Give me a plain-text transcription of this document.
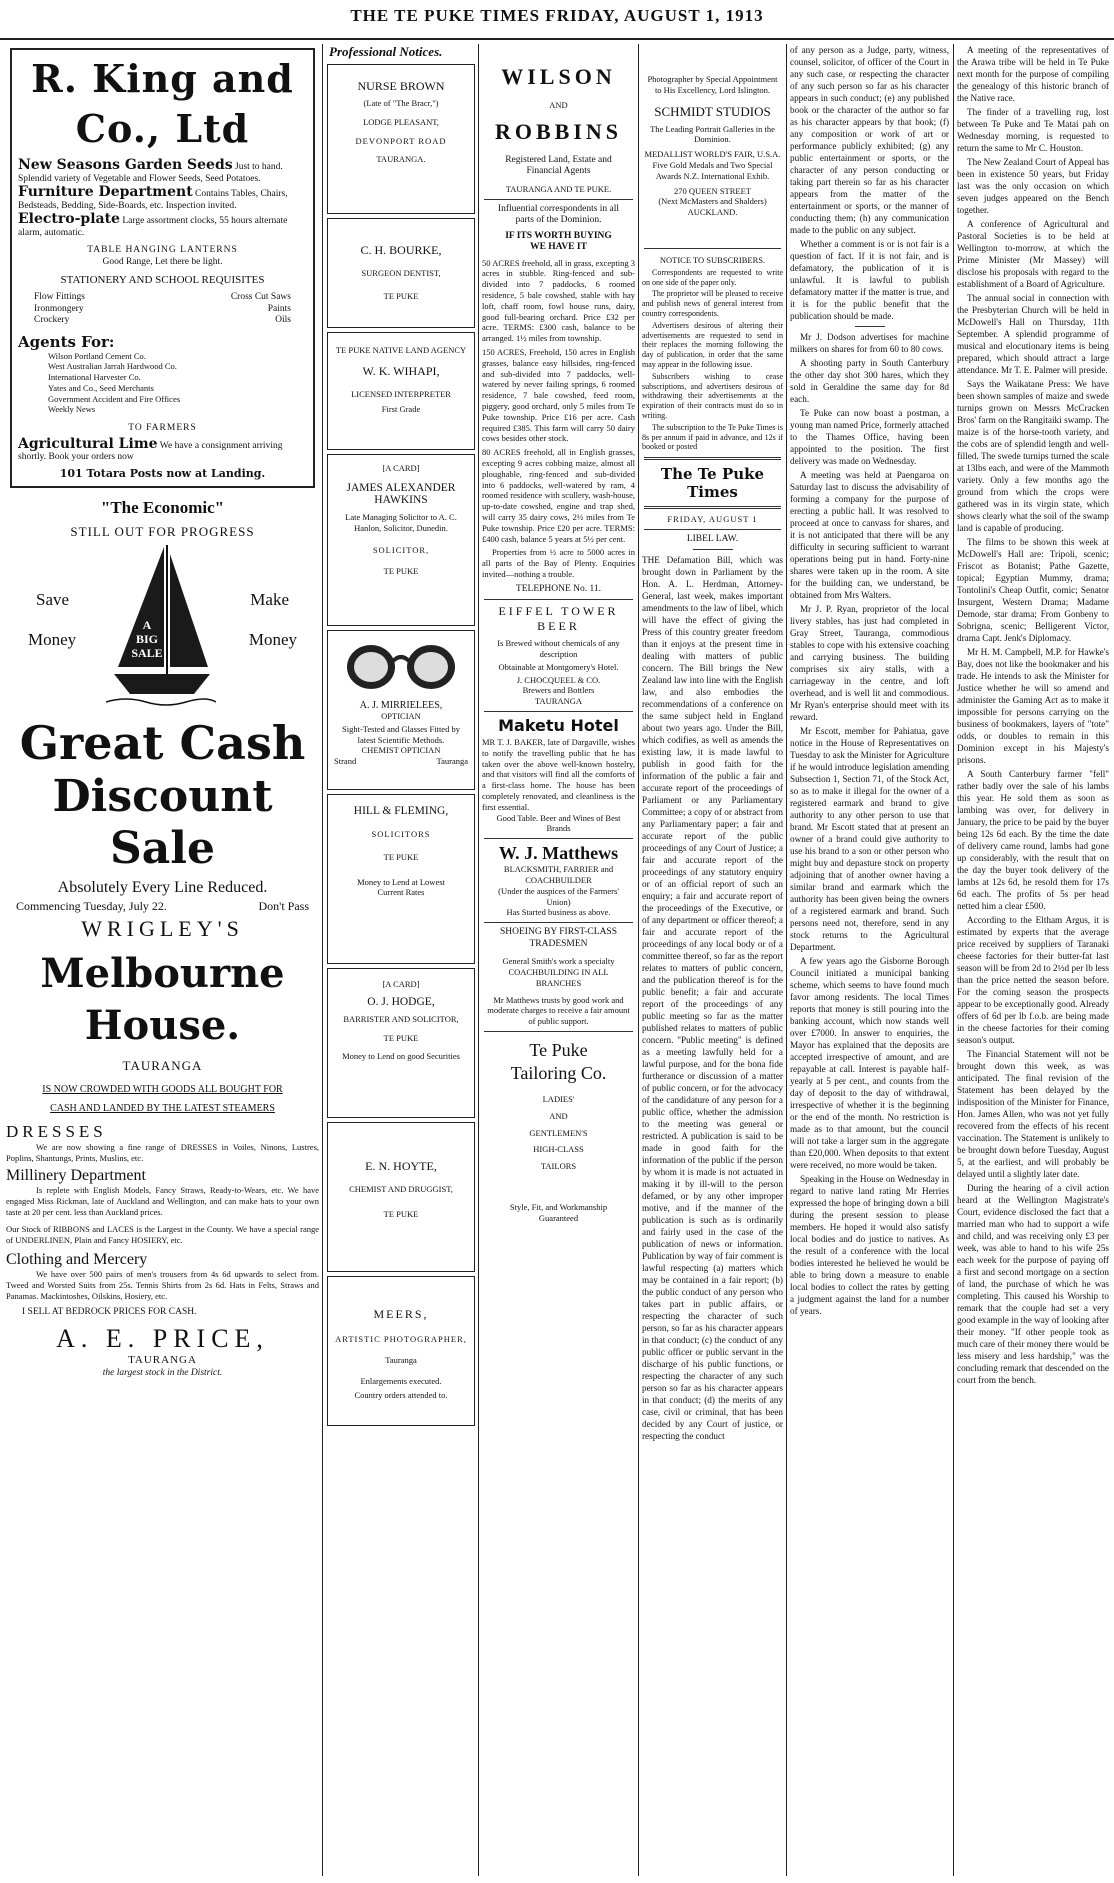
THE TE PUKE TIMES FRIDAY, AUGUST 1, 1913
R. King and Co., Ltd
New Seasons Garden Seeds Just to hand. Splendid variety of Vegetable and Flower Seeds, Seed Potatoes.
Furniture Department Contains Tables, Chairs, Bedsteads, Bedding, Side-Boards, etc. Inspection invited.
Electro-plate Large assortment clocks, 55 hours alternate alarm, automatic.
TABLE HANGING LANTERNS
Good Range, Let there be light.
STATIONERY AND SCHOOL REQUISITES
Flow Fittings	Cross Cut Saws
Ironmongery	Paints
Crockery	Oils
Agents For:
Wilson Portland Cement Co.
West Australian Jarrah Hardwood Co.
International Harvester Co.
Yates and Co., Seed Merchants
Government Accident and Fire Offices
Weekly News
TO FARMERS
Agricultural Lime We have a consignment arriving shortly. Book your orders now
101 Totara Posts now at Landing.
"The Economic"
STILL OUT FOR PROGRESS
Save	Make
Money	Money
A
BIG
SALE
Great Cash
Discount Sale
Absolutely Every Line Reduced.
Commencing Tuesday, July 22.	Don't Pass
WRIGLEY'S
Melbourne House.
TAURANGA
IS NOW CROWDED WITH GOODS ALL BOUGHT FOR
CASH AND LANDED BY THE LATEST STEAMERS
DRESSES
We are now showing a fine range of DRESSES in Voiles, Ninons, Lustres, Poplins, Shantungs, Prints, Muslins, etc.
Millinery Department
Is replete with English Models, Fancy Straws, Ready-to-Wears, etc. We have engaged Miss Rickman, late of Auckland and Wellington, and can make hats to your own taste at 20 per cent. less than Auckland prices.
Our Stock of RIBBONS and LACES is the Largest in the County. We have a special range of UNDERLINEN, Plain and Fancy HOSIERY, etc.
Clothing and Mercery
We have over 500 pairs of men's trousers from 4s 6d upwards to select from. Tweed and Worsted Suits from 25s. Tennis Shirts from 2s 6d. Hats in Felts, Straws and Panamas. Mackintoshes, Oilskins, Hosiery, etc.
I SELL AT BEDROCK PRICES FOR CASH.
A. E. PRICE,
TAURANGA
the largest stock in the District.
Professional Notices.
NURSE BROWN
(Late of "The Bracr,")
LODGE PLEASANT,
DEVONPORT ROAD
TAURANGA.
C. H. BOURKE,
SURGEON DENTIST,
TE PUKE
TE PUKE NATIVE LAND AGENCY
W. K. WIHAPI,
LICENSED INTERPRETER
First Grade
[A CARD]
JAMES ALEXANDER HAWKINS
Late Managing Solicitor to A. C. Hanlon, Solicitor, Dunedin.
SOLICITOR,
TE PUKE
A. J. MIRRIELEES,
OPTICIAN
Sight-Tested and Glasses Fitted by latest Scientific Methods.
CHEMIST OPTICIAN
Strand	Tauranga
HILL & FLEMING,
SOLICITORS
TE PUKE
Money to Lend at Lowest Current Rates
[A CARD]
O. J. HODGE,
BARRISTER AND SOLICITOR,
TE PUKE
Money to Lend on good Securities
E. N. HOYTE,
CHEMIST AND DRUGGIST,
TE PUKE
MEERS,
ARTISTIC PHOTOGRAPHER,
Tauranga
Enlargements executed.
Country orders attended to.
WILSON
AND
ROBBINS
Registered Land, Estate and Financial Agents
TAURANGA AND TE PUKE.
Influential correspondents in all parts of the Dominion.
IF ITS WORTH BUYING WE HAVE IT
50 ACRES freehold, all in grass, excepting 3 acres in stubble. Ring-fenced and sub-divided into 7 paddocks, 6 roomed residence, 5 bale cowshed, stable with hay loft, chaff room, fowl house runs, dairy, good full-bearing orchard. Price £32 per acre. TERMS: £300 cash, balance to be arranged. 1½ miles from township.
150 ACRES, Freehold, 150 acres in English grasses, balance easy hillsides, ring-fenced and sub-divided into 7 paddocks, well-watered by never failing springs, 6 roomed residence, 7 bale cowshed, feed room, piggery, good orchard, only 5 miles from Te Puke township. Price £16 per acre. Cash required £385. This farm will carry 50 dairy cows besides other stock.
80 ACRES freehold, all in English grasses, excepting 9 acres cobbing maize, almost all ploughable, ring-fenced and sub-divided into 6 paddocks, well-watered by ram, 4 roomed residence with scullery, wash-house, up-to-date cowshed, engine and trap shed, will carry 35 dairy cows, 2½ miles from Te Puke township. Price £20 per acre. TERMS: £400 cash, balance 5 years at 5½ per cent.
Properties from ½ acre to 5000 acres in all parts of the Bay of Plenty. Enquiries invited—nothing a trouble.
TELEPHONE No. 11.
EIFFEL TOWER BEER
Is Brewed without chemicals of any description
Obtainable at Montgomery's Hotel.
J. CHOCQUEEL & CO.
Brewers and Bottlers
TAURANGA
Maketu Hotel
MR T. J. BAKER, late of Dargaville, wishes to notify the travelling public that he has taken over the above well-known hostelry, and that visitors will find all the comforts of a first-class home. The house has been completely renovated, and cleanliness is the first essential.
Good Table. Beer and Wines of Best Brands
W. J. Matthews
BLACKSMITH, FARRIER and COACHBUILDER
(Under the auspices of the Farmers' Union)
Has Started business as above.
SHOEING BY FIRST-CLASS TRADESMEN
General Smith's work a specialty COACHBUILDING IN ALL BRANCHES
Mr Matthews trusts by good work and moderate charges to receive a fair amount of public support.
Te Puke
Tailoring Co.
LADIES'
AND
GENTLEMEN'S
HIGH-CLASS
TAILORS
Style, Fit, and Workmanship Guaranteed
Photographer by Special Appointment to His Excellency, Lord Islington.
SCHMIDT STUDIOS
The Leading Portrait Galleries in the Dominion.
MEDALLIST WORLD'S FAIR, U.S.A. Five Gold Medals and Two Special Awards N.Z. International Exhib.
270 QUEEN STREET
(Next McMasters and Shalders)
AUCKLAND.
NOTICE TO SUBSCRIBERS.
Correspondents are requested to write on one side of the paper only.
The proprietor will be pleased to receive and publish news of general interest from country correspondents.
Advertisers desirous of altering their advertisements are requested to send in their replaces the morning following the day of publication, in order that the same may appear in the following issue.
Subscribers wishing to cease subscriptions, and advertisers desirous of withdrawing their advertisements at the expiration of their contracts must do so in writing.
The subscription to the Te Puke Times is 8s per annum if paid in advance, and 12s if booked or posted
The Te Puke Times
FRIDAY, AUGUST 1
LIBEL LAW.
THE Defamation Bill, which was brought down in Parliament by the Hon. A. L. Herdman, Attorney-General, last week, makes important amendments to the law of libel, which will have the effect of giving the Press of this country greater freedom than it enjoys at the present time in dealing with matters of public concern. The Bill brings the New Zealand law into line with the English law, and also embodies the recommendations of a conference on the same subject held in England about two years ago. Under the Bill, which codifies, as well as amends the existing law, it is made lawful to publish in good faith for the information of the public a fair and accurate report of the proceedings of Parliament or any Parliamentary Committee; a copy of or abstract from any Parliamentary paper; a fair and accurate report of the public proceedings of any Court of Justice; a fair and accurate report of the proceedings of any statutory enquiry or of an official report of such an enquiry; a fair and accurate report of the proceedings of the Executive, or of any department or officer thereof; a fair and accurate report of the proceedings of any local body or of a committee thereof, so far as the report relates to matters of public concern, and the publication thereof is for the public benefit; a fair and accurate report of the proceedings of any public meeting so far as the matter published relates to matters of public concern. "Public meeting" is defined as a meeting lawfully held for a lawful purpose, and for the bona fide furtherance or discussion of a matter of public concern, or for the advocacy of the candidature of any person for a public office, whether the admission to the meeting was general or restricted. A publication is said to be made in good faith for the information of the public if the person by whom it is made is not actuated in making it by ill-will to the person defamed, or by any other improper motive, and if the manner of the publication is such as is ordinarily and fairly used in the case of the publication of news or information. Publication by way of fair comment is lawful respecting (a) matters which may be contained in a fair report; (b) the public conduct of any person who takes part in public affairs, or respecting the character of such person, so far as his character appears in that conduct; (c) the conduct of any public officer or public servant in the discharge of his public functions, or respecting the character of any such person so far as his character appears in that conduct; (d) the merits of any case, civil or criminal, that has been decided by any Court of justice, or respecting the conduct
of any person as a Judge, party, witness, counsel, solicitor, of officer of the Court in any such case, or respecting the character of any such person so far as his character appears in such conduct; (e) any published book or the character of the author so far as his character appears by that book; (f) any composition or work of art or performance publicly exhibited; (g) any public entertainment or sports, or the character of any person conducting or taking part therein so far as his character appears from the matter of the entertainment or sports, or the manner of conducting them; (h) any communication made to the public on any subject.
Whether a comment is or is not fair is a question of fact. If it is not fair, and is defamatory, the publication of it is unlawful. It is lawful to publish defamatory matter if the matter is true, and it is for the public benefit that the publication should be made.
Mr J. Dodson advertises for machine milkers on shares for from 60 to 80 cows.
A shooting party in South Canterbury the other day shot 300 hares, which they sold in Geraldine the same day for 8d each.
Te Puke can now boast a postman, a young man named Price, formerly attached to the Thames Office, having been appointed to the position. The first delivery was made on Wednesday.
A meeting was held at Paengaroa on Saturday last to discuss the advisability of forming a company for the purpose of erecting a public hall. It was resolved to proceed at once to canvass for shares, and it is not anticipated that there will be any difficulty in securing sufficient to warrant operations being put in hand. Forty-nine shares were taken up in the room. A site for the building can, we understand, be obtained from Mrs Walters.
Mr J. P. Ryan, proprietor of the local livery stables, has just had completed in Gray Street, Tauranga, commodious stables to cope with his extensive coaching and carrying business. The building comprises six airy stalls, with a carriageway in the centre, and loft overhead, and is well lit and commodious. Mr Ryan's enterprise should meet with its reward.
Mr Escott, member for Pahiatua, gave notice in the House of Representatives on Tuesday to ask the Minister for Agriculture if he would introduce legislation amending Subsection 1, Section 71, of the Stock Act, so as to make it illegal for the owner of a registered earmark and brand to give authority to any other person to use that brand. Mr Escott stated that at present an owner of a brand could give authority to use his brand to a son or other person who might buy and depasture stock on property adjoining that of another owner having a similar brand and earmark which the authority has been given being the owners of a registered earmark and brand. Such persons need not, therefore, send in any stock returns to the Agricultural Department.
A few years ago the Gisborne Borough Council initiated a municipal banking scheme, which seems to have found much favor among residents. The local Times reports that money is still pouring into the banking account, which now stands well over £7000. In answer to enquiries, the Mayor has explained that the deposits are accepted irrespective of amount, and are repayable at call. Interest is payable half-yearly at 5 per cent., and counts from the day of deposit to the day of withdrawal, irrespective of whether it is the beginning or the end of the month. No restriction is made as to that amount, but the council will not take a larger sum in the aggregate than £20,000. When deposits to that extent were received, no more would be taken.
Speaking in the House on Wednesday in regard to native land rating Mr Herries expressed the hope of bringing down a bill during the present session to please members. He hoped it would also satisfy local bodies and do justice to natives. As the result of a conference with the local bodies interested he believed he would be able to bring down a measure to enable local bodies to collect the rates by getting a judgment against the land for a number of years.
A meeting of the representatives of the Arawa tribe will be held in Te Puke next month for the purpose of compiling the genealogy of this historic branch of the Native race.
The finder of a travelling rug, lost between Te Puke and Te Matai pah on Wednesday morning, is requested to return the same to Mr C. Houston.
The New Zealand Court of Appeal has been in existence 50 years, but Friday last was the only occasion on which seven judges appeared on the Bench together.
A conference of Agricultural and Pastoral Societies is to be held at Wellington to-morrow, at which the Prime Minister (Mr Massey) will disclose his proposals with regard to the establishment of a Board of Agriculture.
The annual social in connection with the Presbyterian Church will be held in McDowell's Hall on Thursday, 11th September. A splendid programme of musical and elocutionary items is being prepared, which should attract a large attendance. Mr T. E. Palmer will preside.
Says the Waikatane Press: We have been shown samples of maize and swede turnips grown on Messrs McCracken Bros' farm on the Rangitaiki swamp. The maize is of the horse-tooth variety, and the cobs are of splendid length and well-filled. The swede turnips turned the scale at 13lbs each, and were of the Mammoth variety. Only a few months ago the ground from which the crops were gathered was in its virgin state, which shows clearly what the soil of the swamp land is capable of producing.
The films to be shown this week at McDowell's Hall are: Tripoli, scenic; Friscot as Botanist; Pathe Gazette, topical; Egyptian Mummy, drama; Tontolini's Cheap Outfit, comic; Senator Insurgent, Western Drama; Madame Demode, star drama; From Gonbeny to Sobrigna, scenic; Belligerent Victor, drama Capt. Jenk's Diplomacy.
Mr H. M. Campbell, M.P. for Hawke's Bay, does not like the bookmaker and his trade. He intends to ask the Minister for Justice whether he will so amend and administer the Gaming Act as to make it impossible for persons carrying on the business of bookmakers, layers of "tote" odds, or doubles to remain in this Dominion except in his Majesty's prisons.
A South Canterbury farmer "fell" rather badly over the sale of his lambs this year. He sold them as soon as lambing was over, for delivery in January, the price to be paid by the buyer being 12s 6d each. By the time the date of delivery came round, lambs had gone up considerably, with the result that on the day the buyer took delivery of the lambs at 12s 6d, he resold them for 17s 6d each. The profits of 5s per head netted him a clear £500.
According to the Eltham Argus, it is estimated by experts that the average price received by suppliers of Taranaki cheese factories for their butter-fat last season will be from 2d to 2½d per lb less than the price netted the season before. For the coming season the prospects appear to be exceptionally good. Already offers of 6d per lb f.o.b. are being made in the cheese factories for their coming season's output.
The Financial Statement will not be brought down this week, as was anticipated. The final revision of the Statement has been delayed by the indisposition of the Minister for Finance, Hon. James Allen, who was not yet fully recovered from the effects of his recent vaccination. The Statement is unlikely to be brought down before Tuesday, August 5, at the earliest, and will probably be delayed until a slightly later date.
During the hearing of a civil action heard at the Wellington Magistrate's Court, evidence disclosed the fact that a married man who had to support a wife and child, and was receiving only £3 per week, was able to hand to his wife 25s each week for the purpose of paying off a first and second mortgage on a section of land, the purchase of which he was completing. This caused his Worship to remark that the couple had set a very good example in the way of looking after their money. "If other people took as much care of their money there would be less misery and less hardship," was the concluding remark that descended on the court from the bench.
